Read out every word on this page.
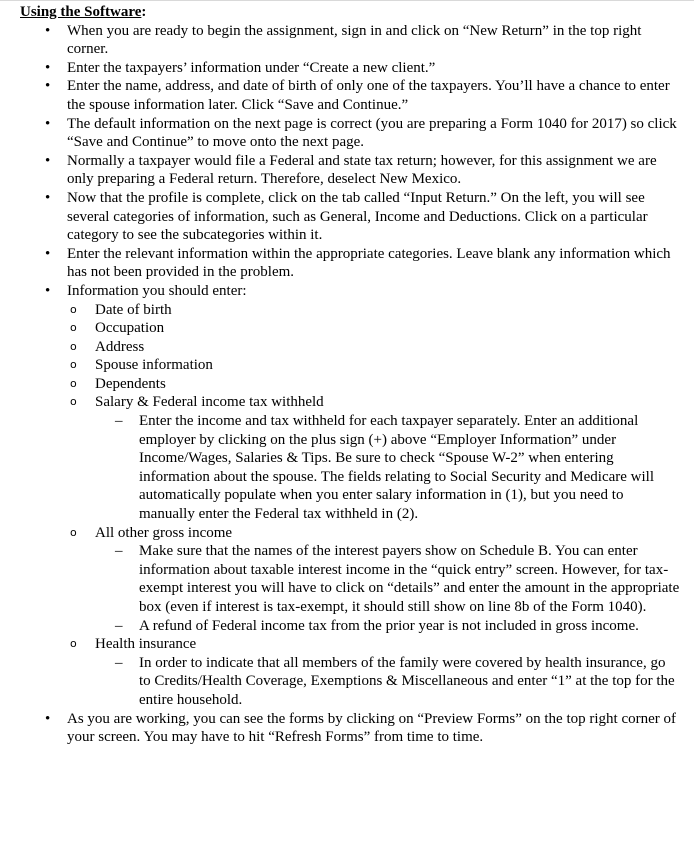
Using the Software:
• When you are ready to begin the assignment, sign in and click on “New Return” in the top right corner.
• Enter the taxpayers’ information under “Create a new client.”
• Enter the name, address, and date of birth of only one of the taxpayers. You’ll have a chance to enter the spouse information later. Click “Save and Continue.”
• The default information on the next page is correct (you are preparing a Form 1040 for 2017) so click “Save and Continue” to move onto the next page.
• Normally a taxpayer would file a Federal and state tax return; however, for this assignment we are only preparing a Federal return. Therefore, deselect New Mexico.
• Now that the profile is complete, click on the tab called “Input Return.” On the left, you will see several categories of information, such as General, Income and Deductions. Click on a particular category to see the subcategories within it.
• Enter the relevant information within the appropriate categories. Leave blank any information which has not been provided in the problem.
• Information you should enter:
o Date of birth
o Occupation
o Address
o Spouse information
o Dependents
o Salary & Federal income tax withheld
– Enter the income and tax withheld for each taxpayer separately. Enter an additional employer by clicking on the plus sign (+) above “Employer Information” under Income/Wages, Salaries & Tips. Be sure to check “Spouse W-2” when entering information about the spouse. The fields relating to Social Security and Medicare will automatically populate when you enter salary information in (1), but you need to manually enter the Federal tax withheld in (2).
o All other gross income
– Make sure that the names of the interest payers show on Schedule B. You can enter information about taxable interest income in the “quick entry” screen. However, for tax-exempt interest you will have to click on “details” and enter the amount in the appropriate box (even if interest is tax-exempt, it should still show on line 8b of the Form 1040).
– A refund of Federal income tax from the prior year is not included in gross income.
o Health insurance
– In order to indicate that all members of the family were covered by health insurance, go to Credits/Health Coverage, Exemptions & Miscellaneous and enter “1” at the top for the entire household.
• As you are working, you can see the forms by clicking on “Preview Forms” on the top right corner of your screen. You may have to hit “Refresh Forms” from time to time.
